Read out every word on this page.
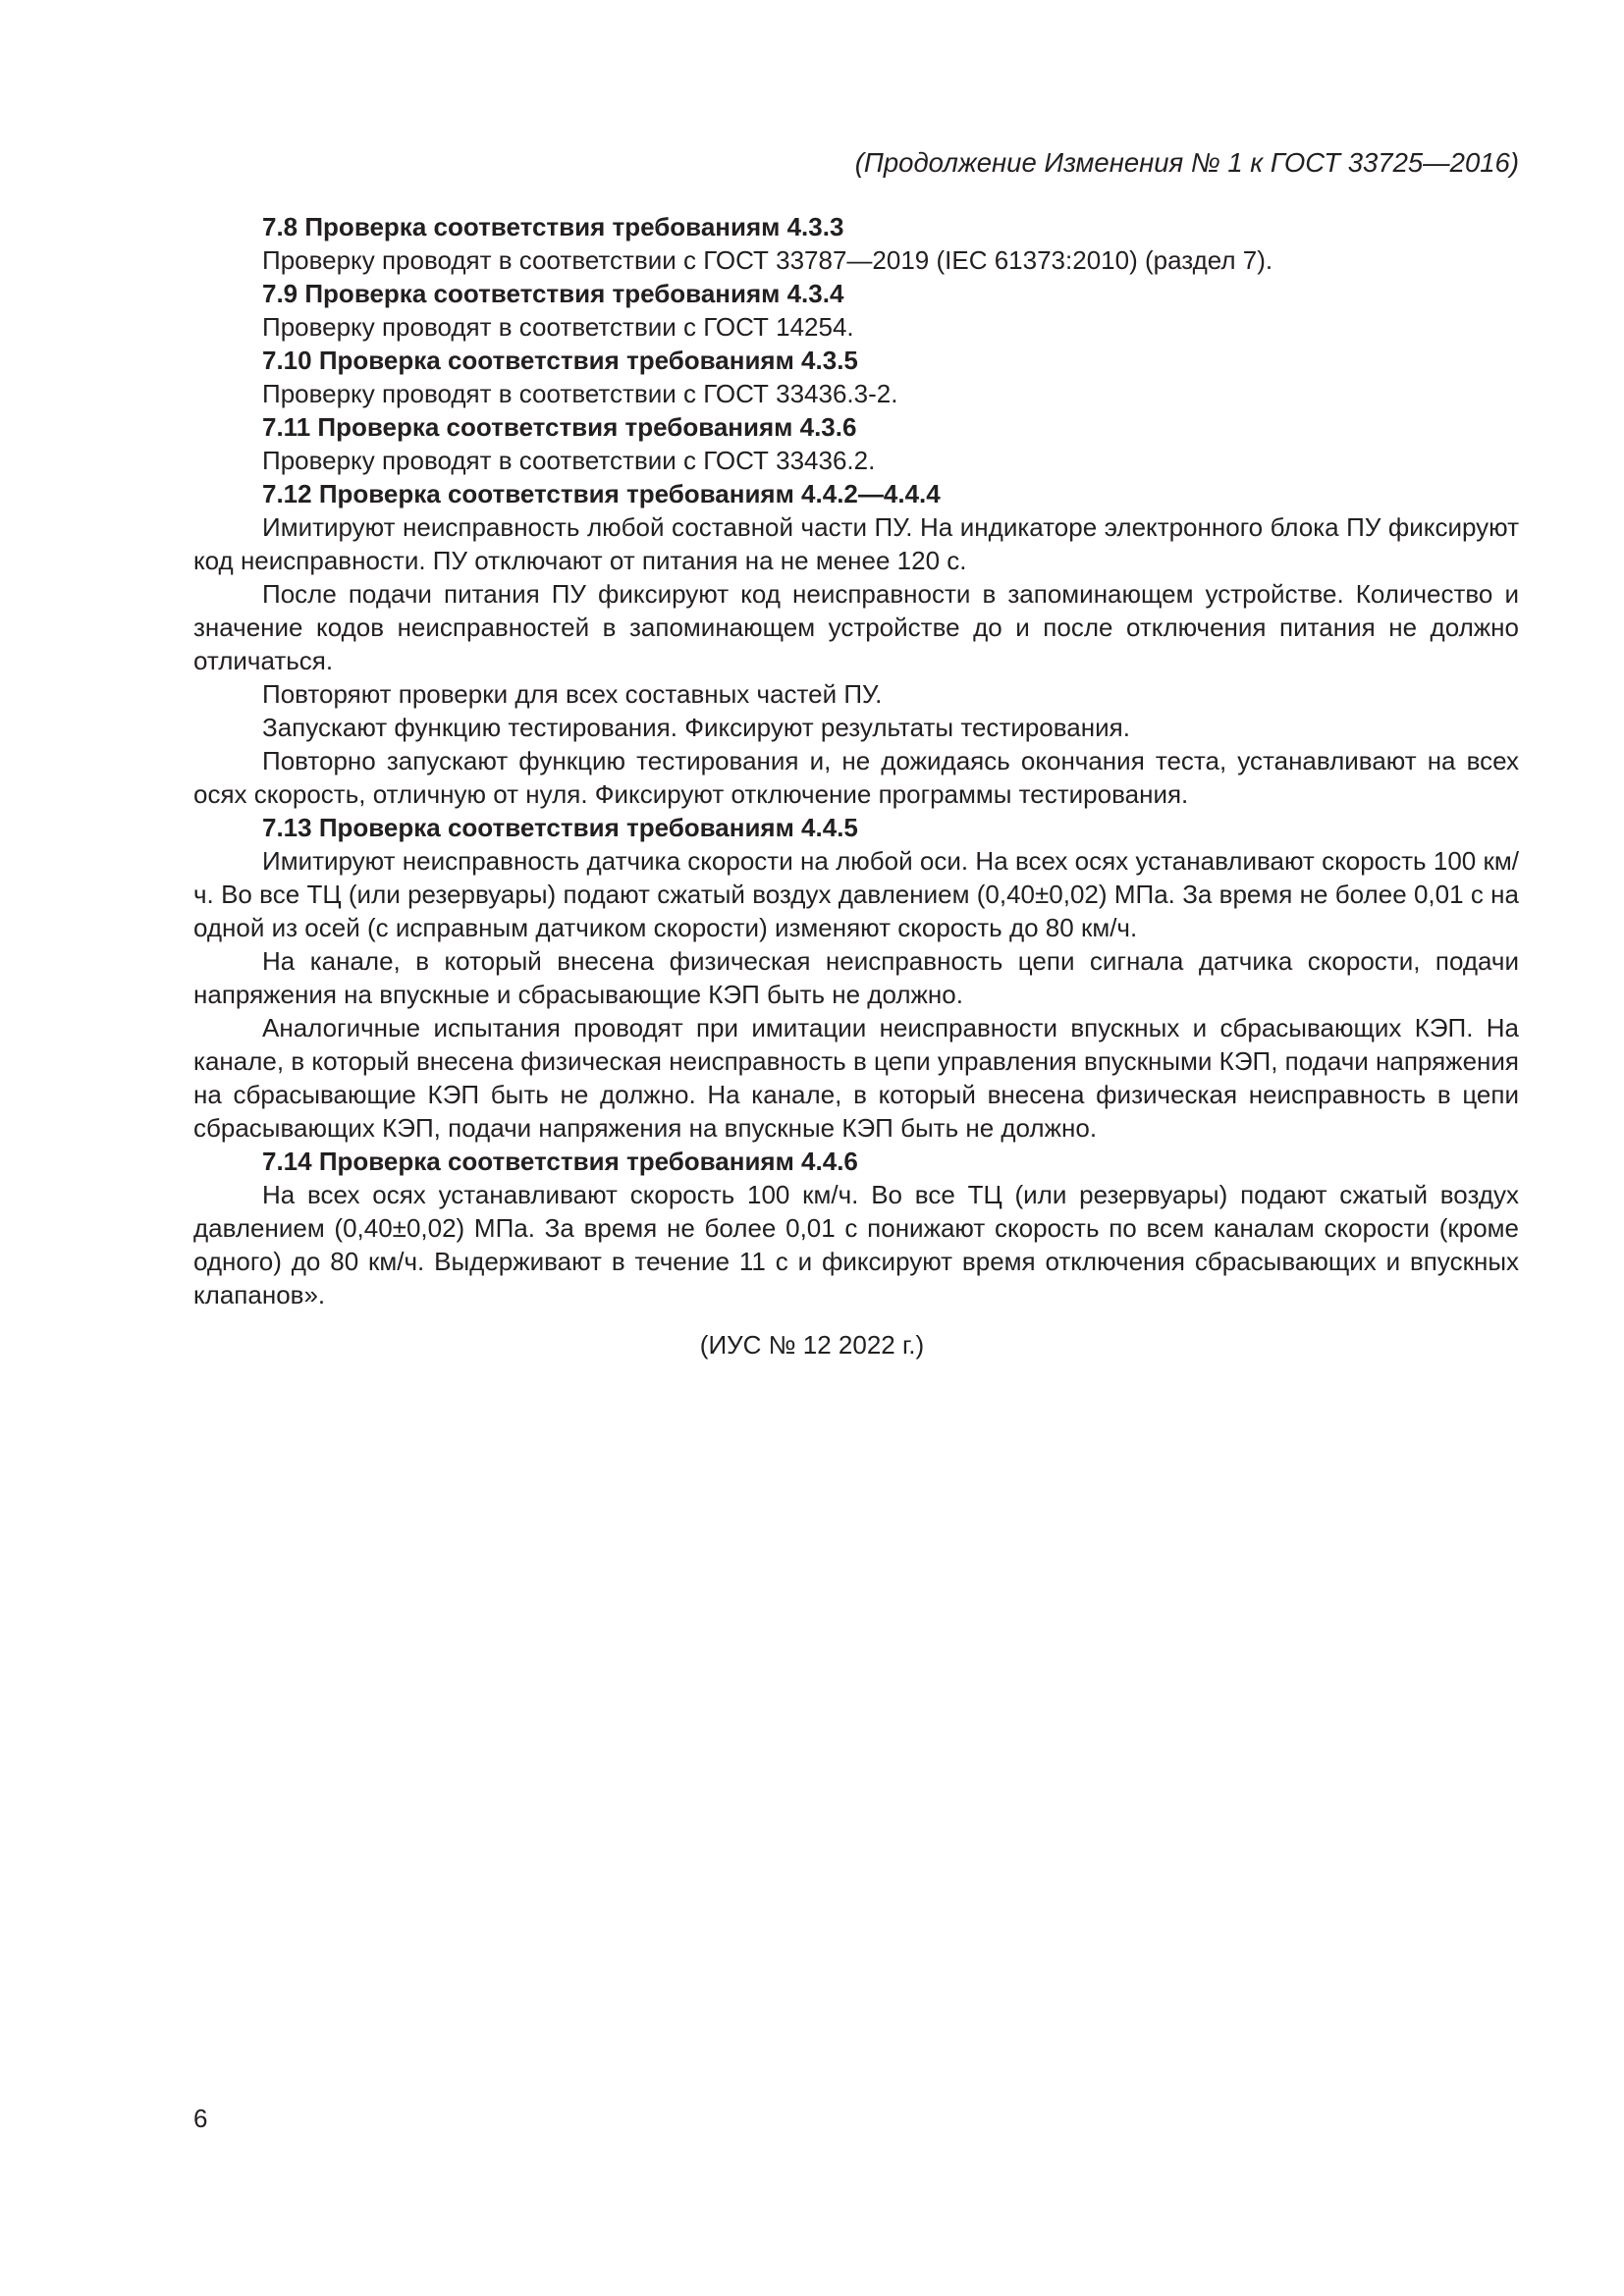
(Продолжение Изменения № 1 к ГОСТ 33725—2016)

7.8 Проверка соответствия требованиям 4.3.3

Проверку проводят в соответствии с ГОСТ 33787—2019 (IEC 61373:2010) (раздел 7).

7.9 Проверка соответствия требованиям 4.3.4

Проверку проводят в соответствии с ГОСТ 14254.

7.10 Проверка соответствия требованиям 4.3.5

Проверку проводят в соответствии с ГОСТ 33436.3-2.

7.11 Проверка соответствия требованиям 4.3.6

Проверку проводят в соответствии с ГОСТ 33436.2.

7.12 Проверка соответствия требованиям 4.4.2—4.4.4

Имитируют неисправность любой составной части ПУ. На индикаторе электронного блока ПУ фиксируют код неисправности. ПУ отключают от питания на не менее 120 с.

После подачи питания ПУ фиксируют код неисправности в запоминающем устройстве. Количество и значение кодов неисправностей в запоминающем устройстве до и после отключения питания не должно отличаться.

Повторяют проверки для всех составных частей ПУ.

Запускают функцию тестирования. Фиксируют результаты тестирования.

Повторно запускают функцию тестирования и, не дожидаясь окончания теста, устанавливают на всех осях скорость, отличную от нуля. Фиксируют отключение программы тестирования.

7.13 Проверка соответствия требованиям 4.4.5

Имитируют неисправность датчика скорости на любой оси. На всех осях устанавливают скорость 100 км/ч. Во все ТЦ (или резервуары) подают сжатый воздух давлением (0,40±0,02) МПа. За время не более 0,01 с на одной из осей (с исправным датчиком скорости) изменяют скорость до 80 км/ч.

На канале, в который внесена физическая неисправность цепи сигнала датчика скорости, подачи напряжения на впускные и сбрасывающие КЭП быть не должно.

Аналогичные испытания проводят при имитации неисправности впускных и сбрасывающих КЭП. На канале, в который внесена физическая неисправность в цепи управления впускными КЭП, подачи напряжения на сбрасывающие КЭП быть не должно. На канале, в который внесена физическая неисправность в цепи сбрасывающих КЭП, подачи напряжения на впускные КЭП быть не должно.

7.14 Проверка соответствия требованиям 4.4.6

На всех осях устанавливают скорость 100 км/ч. Во все ТЦ (или резервуары) подают сжатый воздух давлением (0,40±0,02) МПа. За время не более 0,01 с понижают скорость по всем каналам скорости (кроме одного) до 80 км/ч. Выдерживают в течение 11 с и фиксируют время отключения сбрасывающих и впускных клапанов».

(ИУС № 12 2022 г.)
6
